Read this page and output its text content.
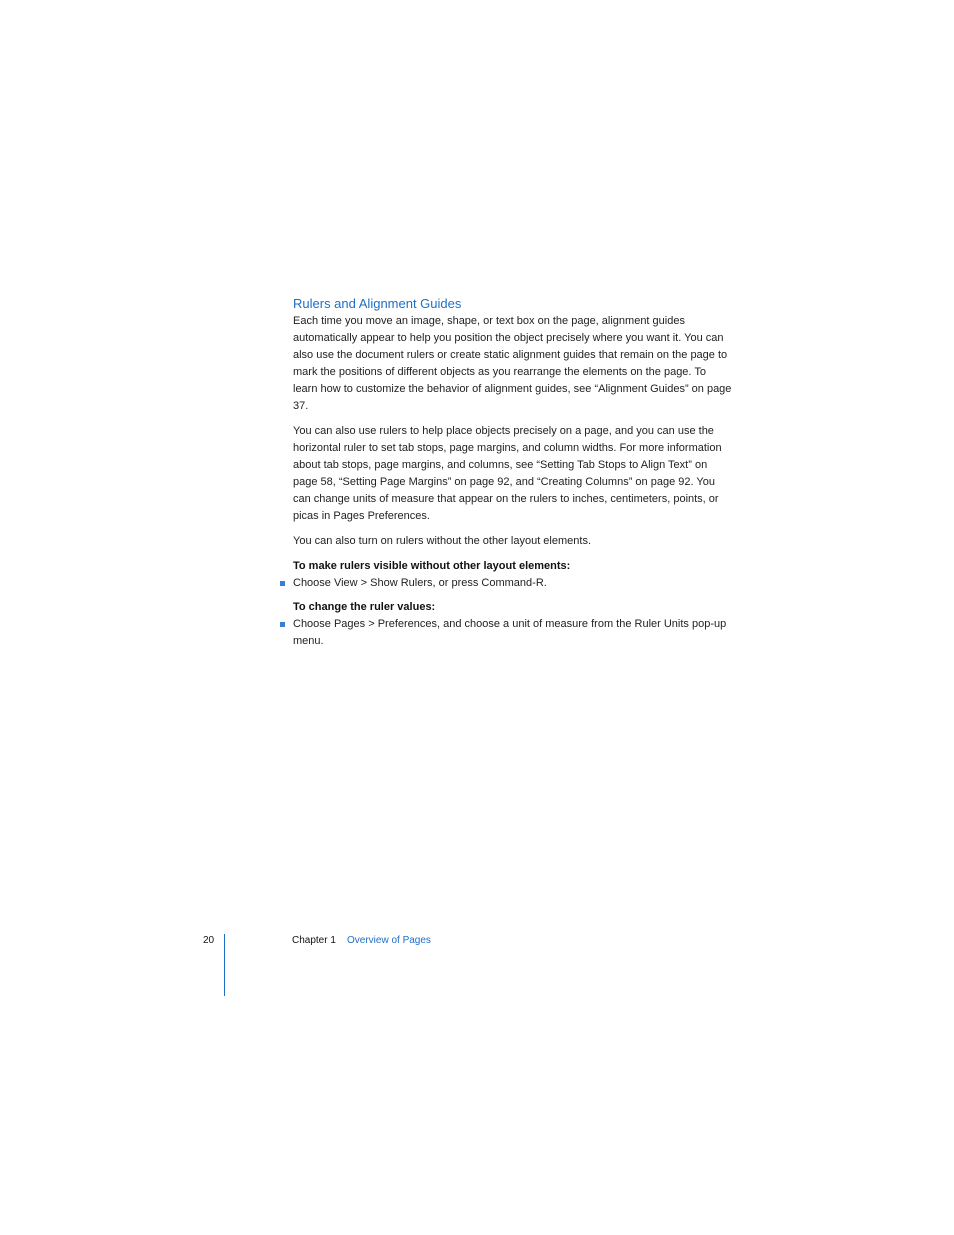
Rulers and Alignment Guides

Each time you move an image, shape, or text box on the page, alignment guides automatically appear to help you position the object precisely where you want it. You can also use the document rulers or create static alignment guides that remain on the page to mark the positions of different objects as you rearrange the elements on the page. To learn how to customize the behavior of alignment guides, see “Alignment Guides” on page 37.

You can also use rulers to help place objects precisely on a page, and you can use the horizontal ruler to set tab stops, page margins, and column widths. For more information about tab stops, page margins, and columns, see “Setting Tab Stops to Align Text” on page 58, “Setting Page Margins” on page 92, and “Creating Columns” on page 92. You can change units of measure that appear on the rulers to inches, centimeters, points, or picas in Pages Preferences.

You can also turn on rulers without the other layout elements.

To make rulers visible without other layout elements:

Choose View > Show Rulers, or press Command-R.

To change the ruler values:

Choose Pages > Preferences, and choose a unit of measure from the Ruler Units pop-up menu.
20	Chapter 1 Overview of Pages
